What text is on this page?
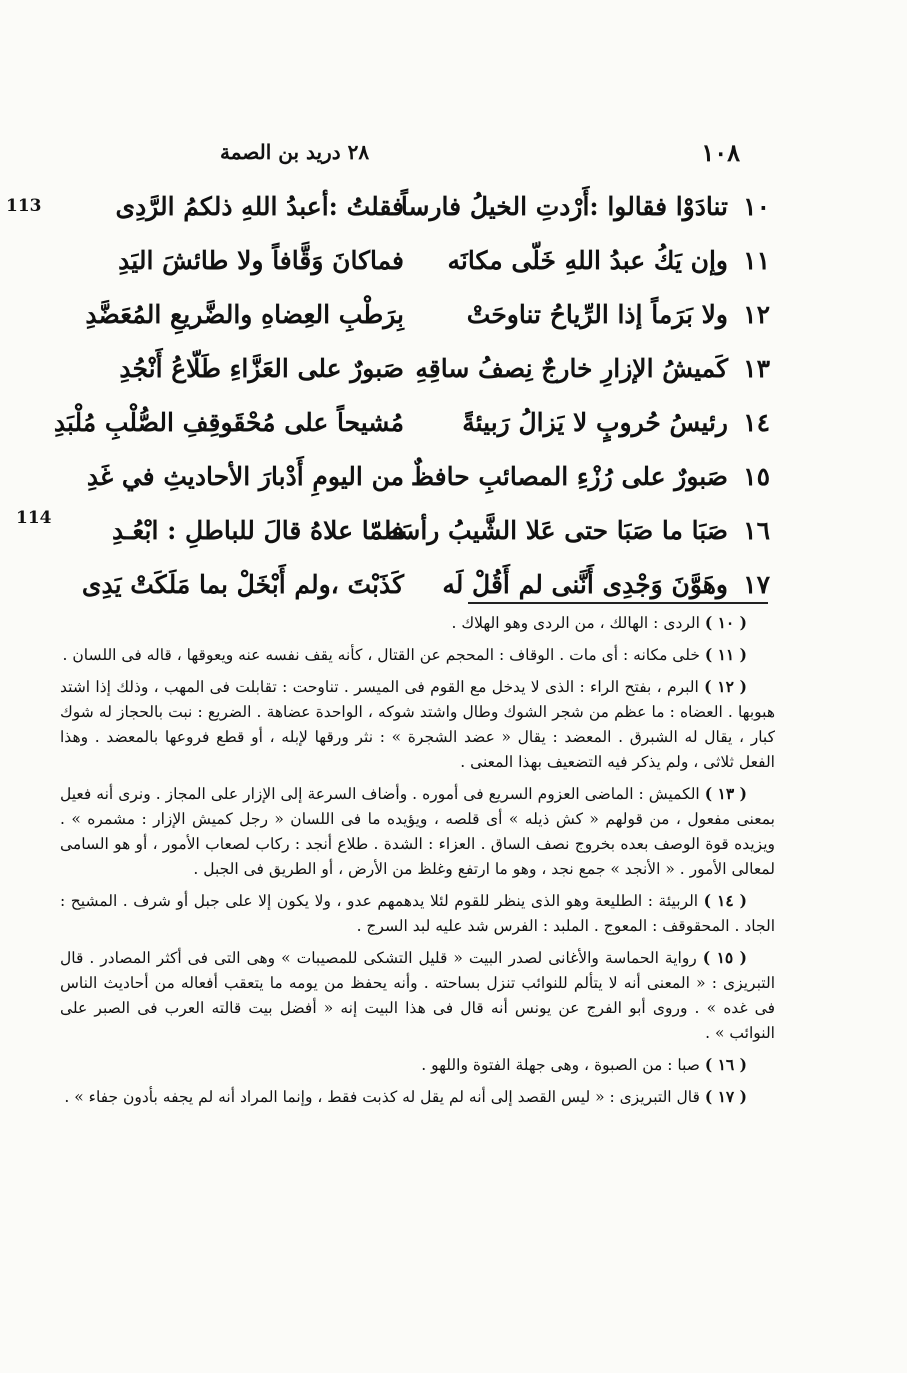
١٠٨
٢٨ دريد بن الصمة
113
114
١٠
تنادَوْا فقالوا :أَرْدتِ الخيلُ فارساً
فقلتُ :أعبدُ اللهِ ذلكمُ الرَّدِى
١١
وإن يَكُ عبدُ اللهِ خَلّى مكانَه
فماكانَ وَقَّافاً ولا طائشَ اليَدِ
١٢
ولا بَرَماً إذا الرِّياحُ تناوحَتْ
بِرَطْبِ العِضاهِ والضَّريعِ المُعَضَّدِ
١٣
كَميشُ الإزارِ خارجٌ نِصفُ ساقِهِ
صَبورٌ على العَزَّاءِ طَلّاعُ أَنْجُدِ
١٤
رئيسُ حُروبٍ لا يَزالُ رَبيئةً
مُشيحاً على مُحْقَوقِفِ الصُّلْبِ مُلْبَدِ
١٥
صَبورٌ على رُزْءِ المصائبِ حافظٌ
من اليومِ أَدْبارَ الأحاديثِ في غَدِ
١٦
صَبَا ما صَبَا حتى عَلا الشَّيبُ رأسَه
فلمّا علاهُ قالَ للباطلِ : ابْعُـدِ
١٧
وهَوَّنَ وَجْدِى أَنَّنى لم أَقُلْ لَه
كَذَبْتَ ،ولم أَبْخَلْ بما مَلَكَتْ يَدِى

( ١٠ ) الردى : الهالك ، من الردى وهو الهلاك .

( ١١ ) خلى مكانه : أى مات . الوقاف : المحجم عن القتال ، كأنه يقف نفسه عنه ويعوقها ، قاله فى اللسان .

( ١٢ ) البرم ، بفتح الراء : الذى لا يدخل مع القوم فى الميسر . تناوحت : تقابلت فى المهب ، وذلك إذا اشتد هبوبها . العضاه : ما عظم من شجر الشوك وطال واشتد شوكه ، الواحدة عضاهة . الضريع : نبت بالحجاز له شوك كبار ، يقال له الشبرق . المعضد : يقال « عضد الشجرة » : نثر ورقها لإبله ، أو قطع فروعها بالمعضد . وهذا الفعل ثلاثى ، ولم يذكر فيه التضعيف بهذا المعنى .

( ١٣ ) الكميش : الماضى العزوم السريع فى أموره . وأضاف السرعة إلى الإزار على المجاز . ونرى أنه فعيل بمعنى مفعول ، من قولهم « كش ذيله » أى قلصه ، ويؤيده ما فى اللسان « رجل كميش الإزار : مشمره » . ويزيده قوة الوصف بعده بخروج نصف الساق . العزاء : الشدة . طلاع أنجد : ركاب لصعاب الأمور ، أو هو السامى لمعالى الأمور . « الأنجد » جمع نجد ، وهو ما ارتفع وغلظ من الأرض ، أو الطريق فى الجبل .

( ١٤ ) الربيئة : الطليعة وهو الذى ينظر للقوم لئلا يدهمهم عدو ، ولا يكون إلا على جبل أو شرف . المشيح : الجاد . المحقوقف : المعوج . الملبد : الفرس شد عليه لبد السرج .

( ١٥ ) رواية الحماسة والأغانى لصدر البيت « قليل التشكى للمصيبات » وهى التى فى أكثر المصادر . قال التبريزى : « المعنى أنه لا يتألم للنوائب تنزل بساحته . وأنه يحفظ من يومه ما يتعقب أفعاله من أحاديث الناس فى غده » . وروى أبو الفرج عن يونس أنه قال فى هذا البيت إنه « أفضل بيت قالته العرب فى الصبر على النوائب » .

( ١٦ ) صبا : من الصبوة ، وهى جهلة الفتوة واللهو .

( ١٧ ) قال التبريزى : « ليس القصد إلى أنه لم يقل له كذبت فقط ، وإنما المراد أنه لم يجفه بأدون جفاء » .
